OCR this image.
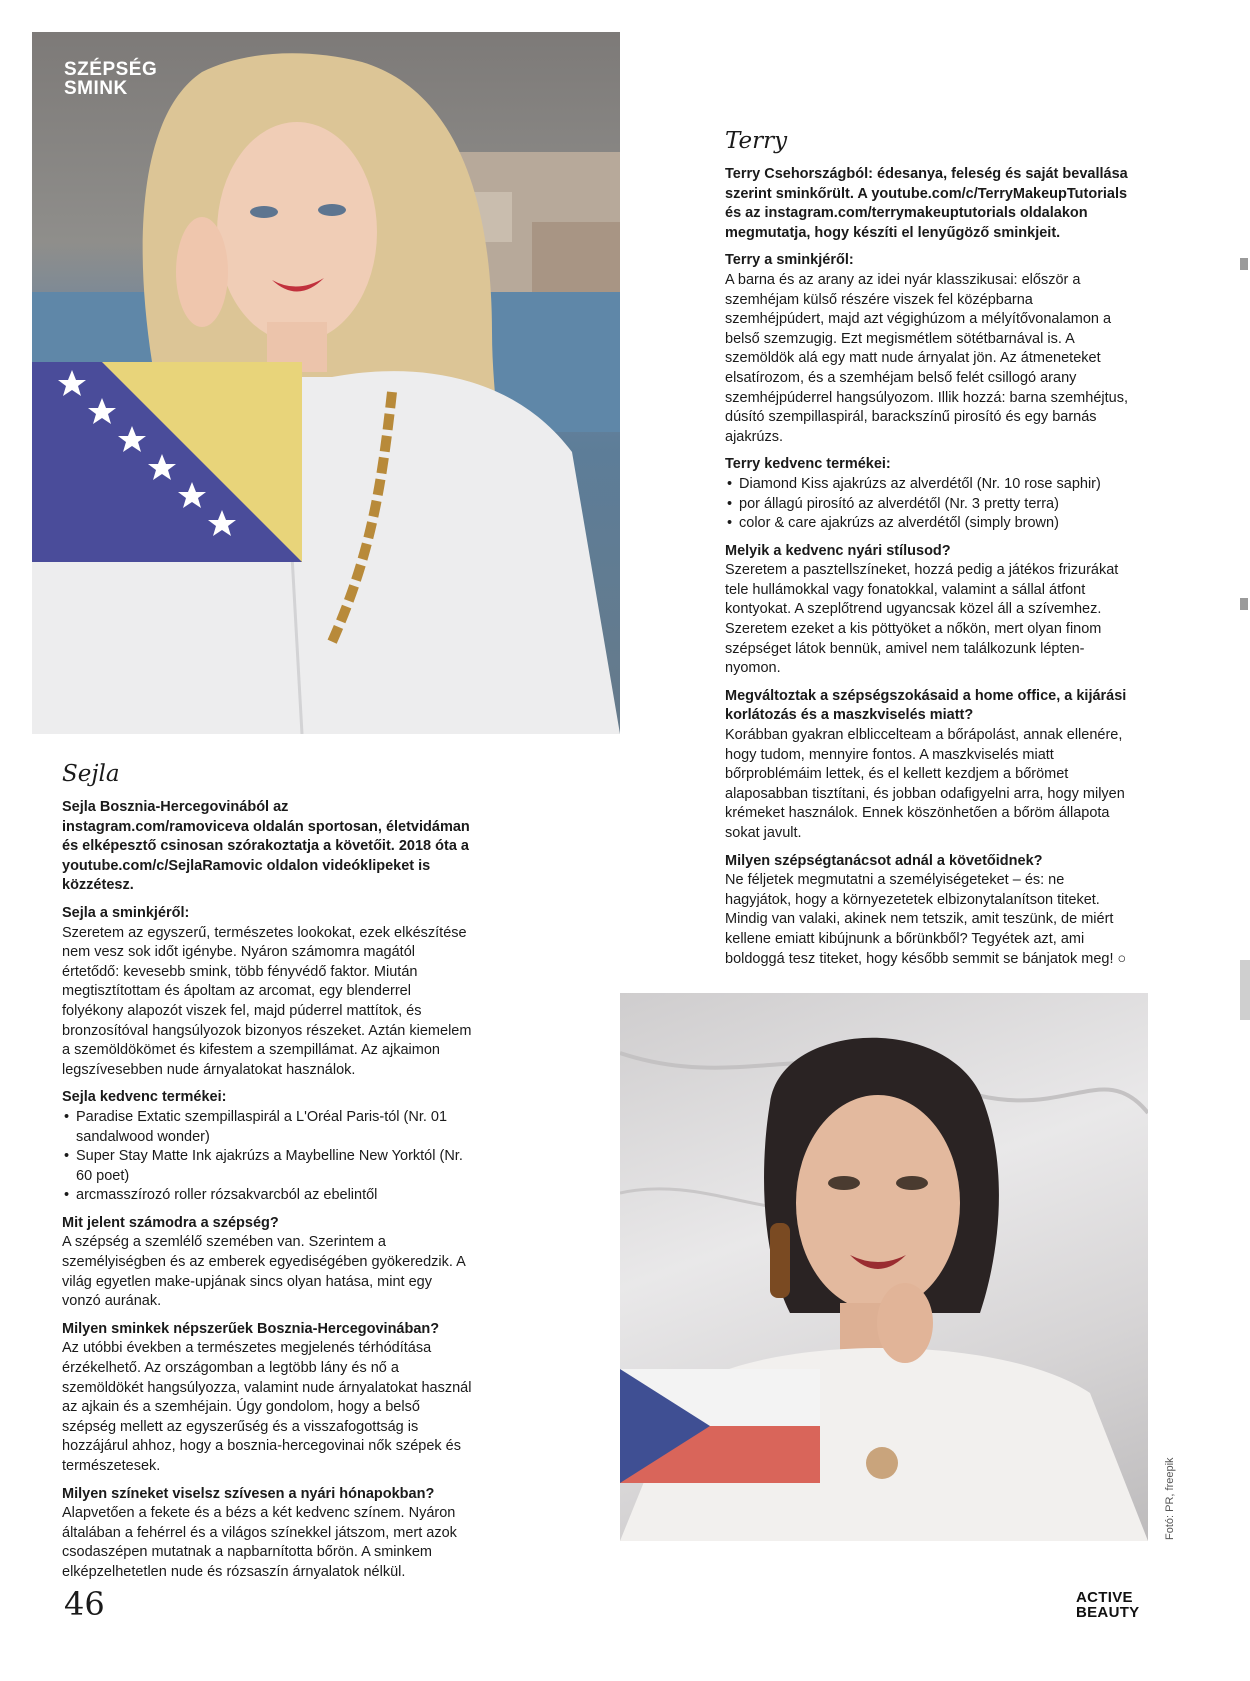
SZÉPSÉG
SMINK
Terry

Terry Csehországból: édesanya, feleség és saját bevallása szerint sminkőrült. A youtube.com/c/TerryMakeupTutorials és az instagram.com/terrymakeuptutorials oldalakon megmutatja, hogy készíti el lenyűgöző sminkjeit.

Terry a sminkjéről:

A barna és az arany az idei nyár klasszikusai: először a szemhéjam külső részére viszek fel középbarna szemhéjpúdert, majd azt végighúzom a mélyítővonalamon a belső szemzugig. Ezt megismétlem sötétbarnával is. A szemöldök alá egy matt nude árnyalat jön. Az átmeneteket elsatírozom, és a szemhéjam belső felét csillogó arany szemhéjpúderrel hangsúlyozom. Illik hozzá: barna szemhéjtus, dúsító szempillaspirál, barackszínű pirosító és egy barnás ajakrúzs.

Terry kedvenc termékei:
• Diamond Kiss ajakrúzs az alverdétől (Nr. 10 rose saphir)
• por állagú pirosító az alverdétől (Nr. 3 pretty terra)
• color & care ajakrúzs az alverdétől (simply brown)
Melyik a kedvenc nyári stílusod?

Szeretem a pasztellszíneket, hozzá pedig a játékos frizurákat tele hullámokkal vagy fonatokkal, valamint a sállal átfont kontyokat. A szeplőtrend ugyancsak közel áll a szívemhez. Szeretem ezeket a kis pöttyöket a nőkön, mert olyan finom szépséget látok bennük, amivel nem találkozunk lépten-nyomon.

Megváltoztak a szépségszokásaid a home office, a kijárási korlátozás és a maszkviselés miatt?

Korábban gyakran elbliccelteam a bőrápolást, annak ellenére, hogy tudom, mennyire fontos. A maszkviselés miatt bőrproblémáim lettek, és el kellett kezdjem a bőrömet alaposabban tisztítani, és jobban odafigyelni arra, hogy milyen krémeket használok. Ennek köszönhetően a bőröm állapota sokat javult.

Milyen szépségtanácsot adnál a követőidnek?

Ne féljetek megmutatni a személyiségeteket – és: ne hagyjátok, hogy a környezetetek elbizonytalanítson titeket. Mindig van valaki, akinek nem tetszik, amit teszünk, de miért kellene emiatt kibújnunk a bőrünkből? Tegyétek azt, ami boldoggá tesz titeket, hogy később semmit se bánjatok meg! ○

Sejla

Sejla Bosznia-Hercegovinából az instagram.com/ramoviceva oldalán sportosan, életvidáman és elképesztő csinosan szórakoztatja a követőit. 2018 óta a youtube.com/c/SejlaRamovic oldalon videóklipeket is közzétesz.

Sejla a sminkjéről:

Szeretem az egyszerű, természetes lookokat, ezek elkészítése nem vesz sok időt igénybe. Nyáron számomra magától értetődő: kevesebb smink, több fényvédő faktor. Miután megtisztítottam és ápoltam az arcomat, egy blenderrel folyékony alapozót viszek fel, majd púderrel mattítok, és bronzosítóval hangsúlyozok bizonyos részeket. Aztán kiemelem a szemöldökömet és kifestem a szempillámat. Az ajkaimon legszívesebben nude árnyalatokat használok.

Sejla kedvenc termékei:
• Paradise Extatic szempillaspirál a L'Oréal Paris-tól (Nr. 01 sandalwood wonder)
• Super Stay Matte Ink ajakrúzs a Maybelline New Yorktól (Nr. 60 poet)
• arcmasszírozó roller rózsakvarcból az ebelintől
Mit jelent számodra a szépség?

A szépség a szemlélő szemében van. Szerintem a személyiségben és az emberek egyediségében gyökeredzik. A világ egyetlen make-upjának sincs olyan hatása, mint egy vonzó aurának.

Milyen sminkek népszerűek Bosznia-Hercegovinában?

Az utóbbi években a természetes megjelenés térhódítása érzékelhető. Az országomban a legtöbb lány és nő a szemöldökét hangsúlyozza, valamint nude árnyalatokat használ az ajkain és a szemhéjain. Úgy gondolom, hogy a belső szépség mellett az egyszerűség és a visszafogottság is hozzájárul ahhoz, hogy a bosznia-hercegovinai nők szépek és természetesek.

Milyen színeket viselsz szívesen a nyári hónapokban?

Alapvetően a fekete és a bézs a két kedvenc színem. Nyáron általában a fehérrel és a világos színekkel játszom, mert azok csodaszépen mutatnak a napbarnította bőrön. A sminkem elképzelhetetlen nude és rózsaszín árnyalatok nélkül.

Fotó: PR, freepik
46	ACTIVE
BEAUTY
